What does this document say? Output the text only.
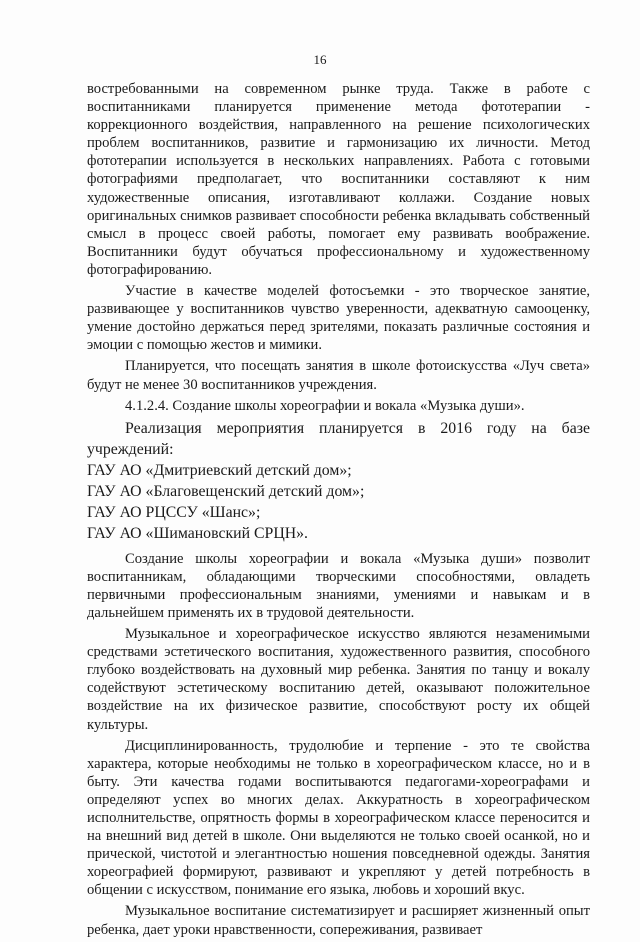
16

востребованными на современном рынке труда. Также в работе с воспитанниками планируется применение метода фототерапии - коррекционного воздействия, направленного на решение психологических проблем воспитанников, развитие и гармонизацию их личности. Метод фототерапии используется в нескольких направлениях. Работа с готовыми фотографиями предполагает, что воспитанники составляют к ним художественные описания, изготавливают коллажи. Создание новых оригинальных снимков развивает способности ребенка вкладывать собственный смысл в процесс своей работы, помогает ему развивать воображение. Воспитанники будут обучаться профессиональному и художественному фотографированию.

Участие в качестве моделей фотосъемки - это творческое занятие, развивающее у воспитанников чувство уверенности, адекватную самооценку, умение достойно держаться перед зрителями, показать различные состояния и эмоции с помощью жестов и мимики.

Планируется, что посещать занятия в школе фотоискусства «Луч света» будут не менее 30 воспитанников учреждения.

4.1.2.4. Создание школы хореографии и вокала «Музыка души».

Реализация мероприятия планируется в 2016 году на базе учреждений:

ГАУ АО «Дмитриевский детский дом»;

ГАУ АО «Благовещенский детский дом»;

ГАУ АО РЦССУ «Шанс»;

ГАУ АО «Шимановский СРЦН».

Создание школы хореографии и вокала «Музыка души» позволит воспитанникам, обладающими творческими способностями, овладеть первичными профессиональным знаниями, умениями и навыкам и в дальнейшем применять их в трудовой деятельности.

Музыкальное и хореографическое искусство являются незаменимыми средствами эстетического воспитания, художественного развития, способного глубоко воздействовать на духовный мир ребенка. Занятия по танцу и вокалу содействуют эстетическому воспитанию детей, оказывают положительное воздействие на их физическое развитие, способствуют росту их общей культуры.

Дисциплинированность, трудолюбие и терпение - это те свойства характера, которые необходимы не только в хореографическом классе, но и в быту. Эти качества годами воспитываются педагогами-хореографами и определяют успех во многих делах. Аккуратность в хореографическом исполнительстве, опрятность формы в хореографическом классе переносится и на внешний вид детей в школе. Они выделяются не только своей осанкой, но и прической, чистотой и элегантностью ношения повседневной одежды. Занятия хореографией формируют, развивают и укрепляют у детей потребность в общении с искусством, понимание его языка, любовь и хороший вкус.

Музыкальное воспитание систематизирует и расширяет жизненный опыт ребенка, дает уроки нравственности, сопереживания, развивает
